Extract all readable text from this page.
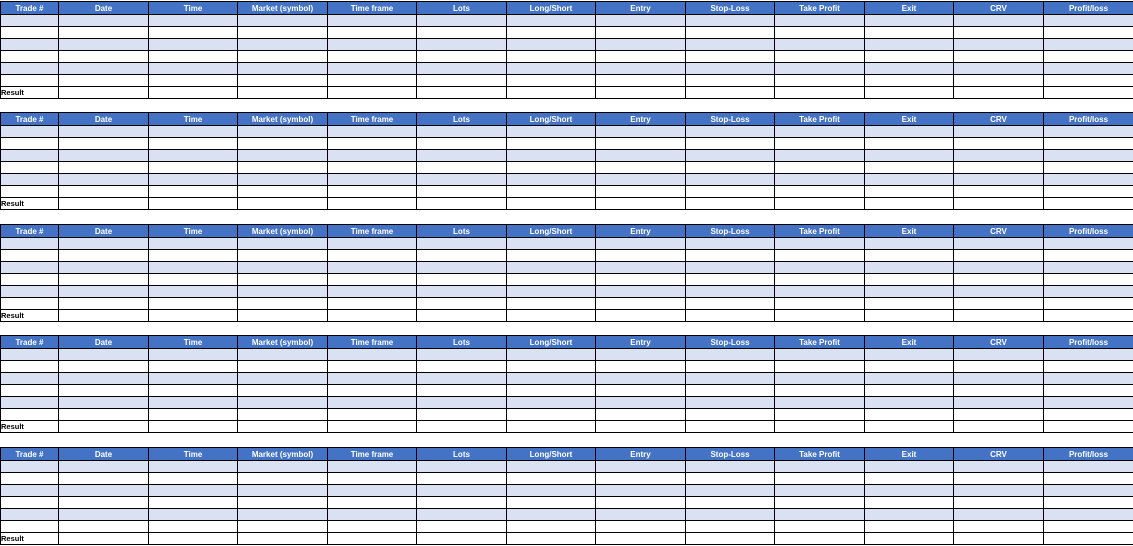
Trade #	Date	Time	Market (symbol)	Time frame	Lots	Long/Short	Entry	Stop-Loss	Take Profit	Exit	CRV	Profit/loss

Result												
Trade #	Date	Time	Market (symbol)	Time frame	Lots	Long/Short	Entry	Stop-Loss	Take Profit	Exit	CRV	Profit/loss

Result												
Trade #	Date	Time	Market (symbol)	Time frame	Lots	Long/Short	Entry	Stop-Loss	Take Profit	Exit	CRV	Profit/loss

Result												
Trade #	Date	Time	Market (symbol)	Time frame	Lots	Long/Short	Entry	Stop-Loss	Take Profit	Exit	CRV	Profit/loss

Result												
Trade #	Date	Time	Market (symbol)	Time frame	Lots	Long/Short	Entry	Stop-Loss	Take Profit	Exit	CRV	Profit/loss

Result												
